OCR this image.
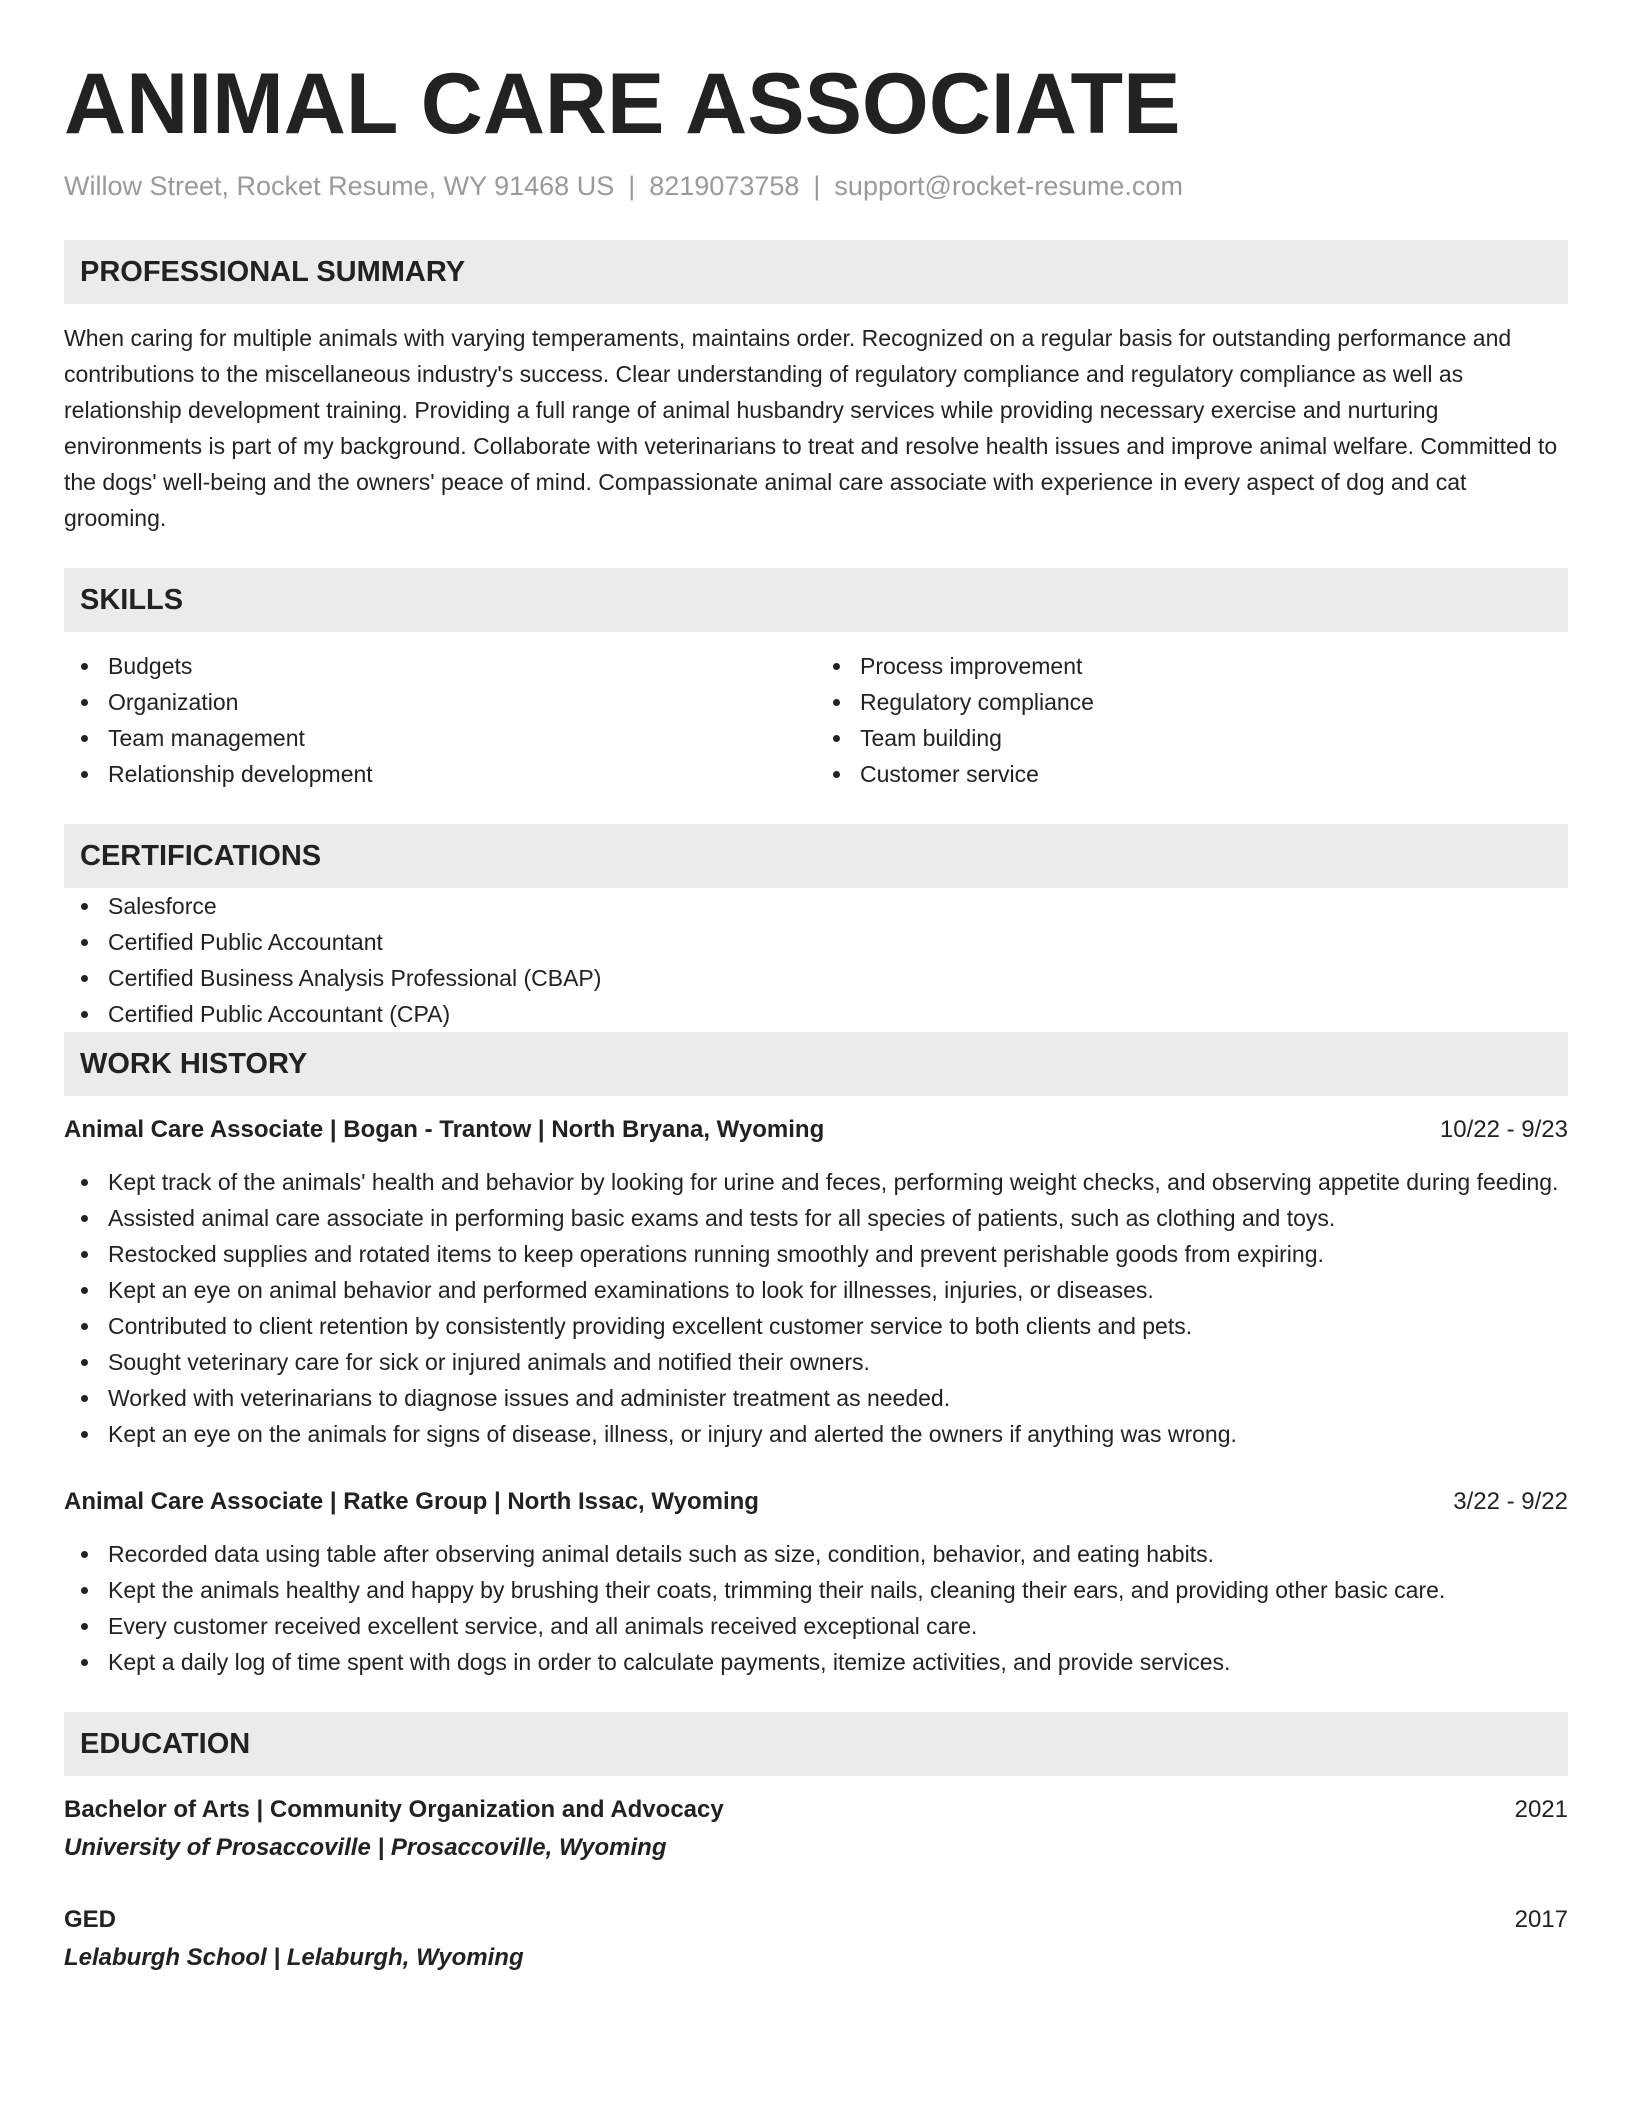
ANIMAL CARE ASSOCIATE
Willow Street, Rocket Resume, WY 91468 US | 8219073758 | support@rocket-resume.com
PROFESSIONAL SUMMARY
When caring for multiple animals with varying temperaments, maintains order. Recognized on a regular basis for outstanding performance and contributions to the miscellaneous industry's success. Clear understanding of regulatory compliance and regulatory compliance as well as relationship development training. Providing a full range of animal husbandry services while providing necessary exercise and nurturing environments is part of my background. Collaborate with veterinarians to treat and resolve health issues and improve animal welfare. Committed to the dogs' well-being and the owners' peace of mind. Compassionate animal care associate with experience in every aspect of dog and cat grooming.
SKILLS
Budgets
Organization
Team management
Relationship development
Process improvement
Regulatory compliance
Team building
Customer service
CERTIFICATIONS
Salesforce
Certified Public Accountant
Certified Business Analysis Professional (CBAP)
Certified Public Accountant (CPA)
WORK HISTORY
Animal Care Associate | Bogan - Trantow | North Bryana, Wyoming	10/22 - 9/23
Kept track of the animals' health and behavior by looking for urine and feces, performing weight checks, and observing appetite during feeding.
Assisted animal care associate in performing basic exams and tests for all species of patients, such as clothing and toys.
Restocked supplies and rotated items to keep operations running smoothly and prevent perishable goods from expiring.
Kept an eye on animal behavior and performed examinations to look for illnesses, injuries, or diseases.
Contributed to client retention by consistently providing excellent customer service to both clients and pets.
Sought veterinary care for sick or injured animals and notified their owners.
Worked with veterinarians to diagnose issues and administer treatment as needed.
Kept an eye on the animals for signs of disease, illness, or injury and alerted the owners if anything was wrong.
Animal Care Associate | Ratke Group | North Issac, Wyoming	3/22 - 9/22
Recorded data using table after observing animal details such as size, condition, behavior, and eating habits.
Kept the animals healthy and happy by brushing their coats, trimming their nails, cleaning their ears, and providing other basic care.
Every customer received excellent service, and all animals received exceptional care.
Kept a daily log of time spent with dogs in order to calculate payments, itemize activities, and provide services.
EDUCATION
Bachelor of Arts | Community Organization and Advocacy	2021
University of Prosaccoville | Prosaccoville, Wyoming
GED	2017
Lelaburgh School | Lelaburgh, Wyoming
